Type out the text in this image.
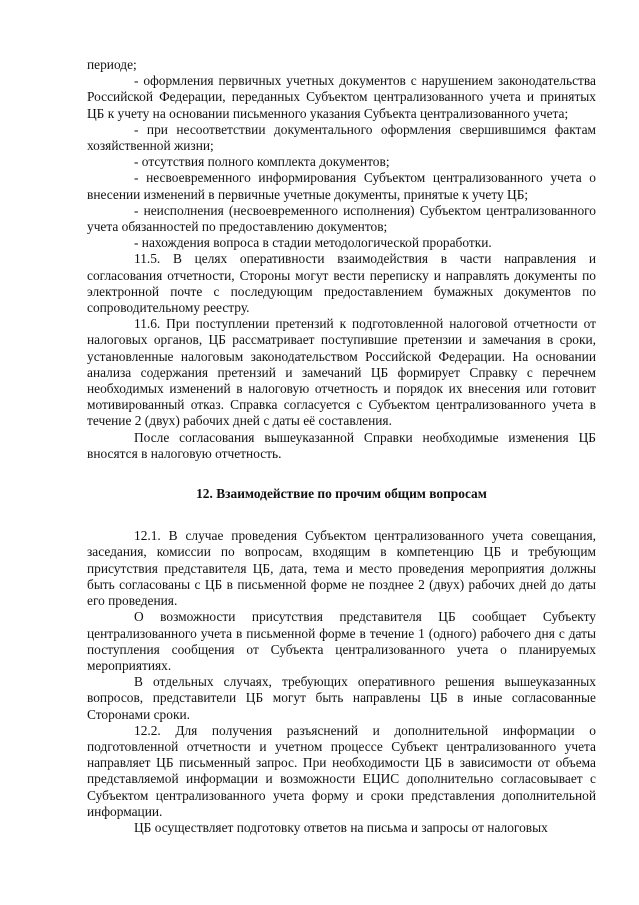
периоде;

- оформления первичных учетных документов с нарушением законодательства Российской Федерации, переданных Субъектом централизованного учета и принятых ЦБ к учету на основании письменного указания Субъекта централизованного учета;

- при несоответствии документального оформления свершившимся фактам хозяйственной жизни;

- отсутствия полного комплекта документов;

- несвоевременного информирования Субъектом централизованного учета о внесении изменений в первичные учетные документы, принятые к учету ЦБ;

- неисполнения (несвоевременного исполнения) Субъектом централизованного учета обязанностей по предоставлению документов;

- нахождения вопроса в стадии методологической проработки.

11.5. В целях оперативности взаимодействия в части направления и согласования отчетности, Стороны могут вести переписку и направлять документы по электронной почте с последующим предоставлением бумажных документов по сопроводительному реестру.

11.6. При поступлении претензий к подготовленной налоговой отчетности от налоговых органов, ЦБ рассматривает поступившие претензии и замечания в сроки, установленные налоговым законодательством Российской Федерации. На основании анализа содержания претензий и замечаний ЦБ формирует Справку с перечнем необходимых изменений в налоговую отчетность и порядок их внесения или готовит мотивированный отказ. Справка согласуется с Субъектом централизованного учета в течение 2 (двух) рабочих дней с даты её составления.

После согласования вышеуказанной Справки необходимые изменения ЦБ вносятся в налоговую отчетность.

12. Взаимодействие по прочим общим вопросам

12.1. В случае проведения Субъектом централизованного учета совещания, заседания, комиссии по вопросам, входящим в компетенцию ЦБ и требующим присутствия представителя ЦБ, дата, тема и место проведения мероприятия должны быть согласованы с ЦБ в письменной форме не позднее 2 (двух) рабочих дней до даты его проведения.

О возможности присутствия представителя ЦБ сообщает Субъекту централизованного учета в письменной форме в течение 1 (одного) рабочего дня с даты поступления сообщения от Субъекта централизованного учета о планируемых мероприятиях.

В отдельных случаях, требующих оперативного решения вышеуказанных вопросов, представители ЦБ могут быть направлены ЦБ в иные согласованные Сторонами сроки.

12.2. Для получения разъяснений и дополнительной информации о подготовленной отчетности и учетном процессе Субъект централизованного учета направляет ЦБ письменный запрос. При необходимости ЦБ в зависимости от объема представляемой информации и возможности ЕЦИС дополнительно согласовывает с Субъектом централизованного учета форму и сроки представления дополнительной информации.

ЦБ осуществляет подготовку ответов на письма и запросы от налоговых
